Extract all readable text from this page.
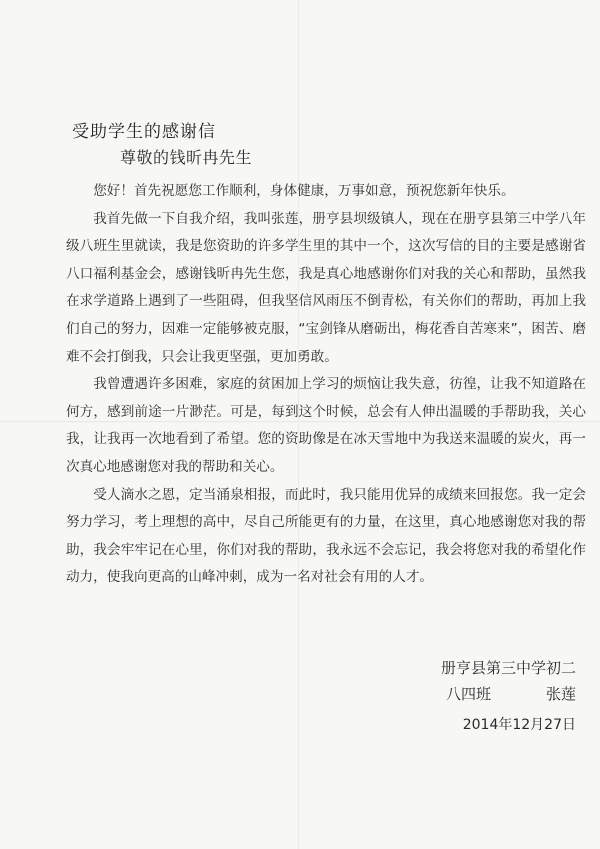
受助学生的感谢信
尊敬的钱昕冉先生

您好！首先祝愿您工作顺利，身体健康，万事如意，预祝您新年快乐。

我首先做一下自我介绍，我叫张莲，册亨县坝级镇人，现在在册亨县第三中学八年级八班生里就读，我是您资助的许多学生里的其中一个，这次写信的目的主要是感谢省八口福利基金会，感谢钱昕冉先生您，我是真心地感谢你们对我的关心和帮助，虽然我在求学道路上遇到了一些阻碍，但我坚信风雨压不倒青松，有关你们的帮助，再加上我们自己的努力，因难一定能够被克服，“宝剑锋从磨砺出，梅花香自苦寒来”，困苦、磨难不会打倒我，只会让我更坚强，更加勇敢。

我曾遭遇许多困难，家庭的贫困加上学习的烦恼让我失意，彷徨，让我不知道路在何方，感到前途一片渺茫。可是，每到这个时候，总会有人伸出温暖的手帮助我，关心我，让我再一次地看到了希望。您的资助像是在冰天雪地中为我送来温暖的炭火，再一次真心地感谢您对我的帮助和关心。

受人滴水之恩，定当涌泉相报，而此时，我只能用优异的成绩来回报您。我一定会努力学习，考上理想的高中，尽自己所能更有的力量，在这里，真心地感谢您对我的帮助，我会牢牢记在心里，你们对我的帮助，我永远不会忘记，我会将您对我的希望化作动力，使我向更高的山峰冲刺，成为一名对社会有用的人才。

册亨县第三中学初二
八四班	张莲
2014年12月27日
